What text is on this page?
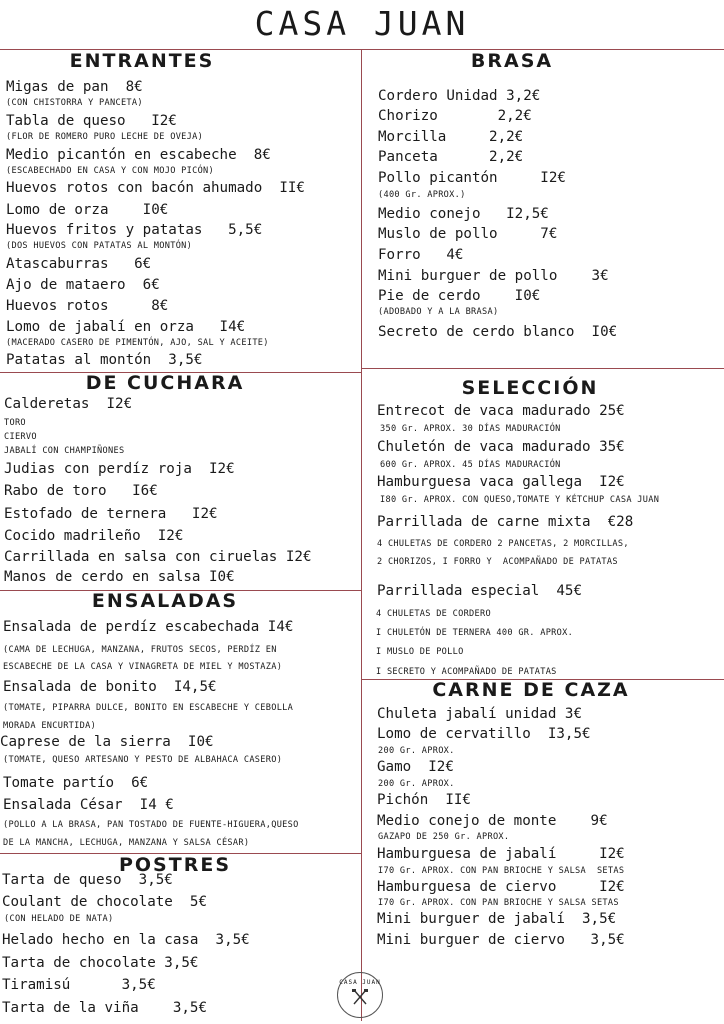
CASA JUAN
ENTRANTES
DE CUCHARA
ENSALADAS
POSTRES
BRASA
SELECCIÓN
CARNE DE CAZA
Migas de pan  8€
(CON CHISTORRA Y PANCETA)
Tabla de queso   I2€
(FLOR DE ROMERO PURO LECHE DE OVEJA)
Medio picantón en escabeche  8€
(ESCABECHADO EN CASA Y CON MOJO PICÓN)
Huevos rotos con bacón ahumado  II€
Lomo de orza    I0€
Huevos fritos y patatas   5,5€
(DOS HUEVOS CON PATATAS AL MONTÓN)
Atascaburras   6€
Ajo de mataero  6€
Huevos rotos     8€
Lomo de jabalí en orza   I4€
(MACERADO CASERO DE PIMENTÓN, AJO, SAL Y ACEITE)
Patatas al montón  3,5€
Calderetas  I2€
TORO
CIERVO
JABALÍ CON CHAMPIÑONES
Judias con perdíz roja  I2€
Rabo de toro   I6€
Estofado de ternera   I2€
Cocido madrileño  I2€
Carrillada en salsa con ciruelas I2€
Manos de cerdo en salsa I0€
Ensalada de perdíz escabechada I4€
(CAMA DE LECHUGA, MANZANA, FRUTOS SECOS, PERDÍZ EN
ESCABECHE DE LA CASA Y VINAGRETA DE MIEL Y MOSTAZA)
Ensalada de bonito  I4,5€
(TOMATE, PIPARRA DULCE, BONITO EN ESCABECHE Y CEBOLLA
MORADA ENCURTIDA)
Caprese de la sierra  I0€
(TOMATE, QUESO ARTESANO Y PESTO DE ALBAHACA CASERO)
Tomate partío  6€
Ensalada César  I4 €
(POLLO A LA BRASA, PAN TOSTADO DE FUENTE-HIGUERA,QUESO
DE LA MANCHA, LECHUGA, MANZANA Y SALSA CÉSAR)
Tarta de queso  3,5€
Coulant de chocolate  5€
(CON HELADO DE NATA)
Helado hecho en la casa  3,5€
Tarta de chocolate 3,5€
Tiramisú      3,5€
Tarta de la viña    3,5€
Cordero Unidad 3,2€
Chorizo       2,2€
Morcilla     2,2€
Panceta      2,2€
Pollo picantón     I2€
(400 Gr. APROX.)
Medio conejo   I2,5€
Muslo de pollo     7€
Forro   4€
Mini burguer de pollo    3€
Pie de cerdo    I0€
(ADOBADO Y A LA BRASA)
Secreto de cerdo blanco  I0€
Entrecot de vaca madurado 25€
350 Gr. APROX. 30 DÍAS MADURACIÓN
Chuletón de vaca madurado 35€
600 Gr. APROX. 45 DÍAS MADURACIÓN
Hamburguesa vaca gallega  I2€
I80 Gr. APROX. CON QUESO,TOMATE Y KÉTCHUP CASA JUAN
Parrillada de carne mixta  €28
4 CHULETAS DE CORDERO 2 PANCETAS, 2 MORCILLAS,
2 CHORIZOS, I FORRO Y  ACOMPAÑADO DE PATATAS
Parrillada especial  45€
4 CHULETAS DE CORDERO
I CHULETÓN DE TERNERA 400 GR. APROX.
I MUSLO DE POLLO
I SECRETO Y ACOMPAÑADO DE PATATAS
Chuleta jabalí unidad 3€
Lomo de cervatillo  I3,5€
200 Gr. APROX.
Gamo  I2€
200 Gr. APROX.
Pichón  II€
Medio conejo de monte    9€
GAZAPO DE 250 Gr. APROX.
Hamburguesa de jabalí     I2€
I70 Gr. APROX. CON PAN BRIOCHE Y SALSA  SETAS
Hamburguesa de ciervo     I2€
I70 Gr. APROX. CON PAN BRIOCHE Y SALSA SETAS
Mini burguer de jabalí  3,5€
Mini burguer de ciervo   3,5€
CASA JUAN
